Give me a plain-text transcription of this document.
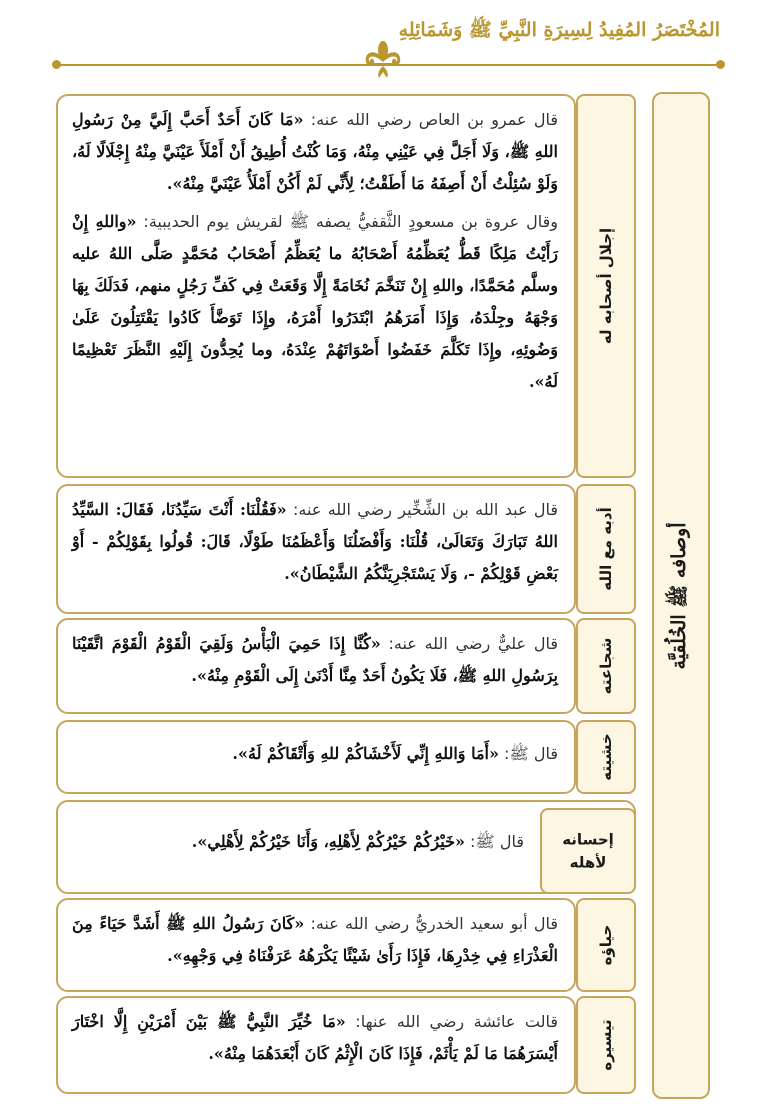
المُخْتَصَرُ المُفِيدُ لِسِيرَةِ النَّبِيِّ ﷺ وَشَمَائِلِهِ
أوصافه ﷺ الخُلُقيَّة
إجلال أصحابه له

قال عمرو بن العاص رضي الله عنه: «مَا كَانَ أَحَدٌ أَحَبَّ إِلَيَّ مِنْ رَسُولِ اللهِ ﷺ، وَلَا أَجَلَّ فِي عَيْنِي مِنْهُ، وَمَا كُنْتُ أُطِيقُ أَنْ أَمْلَأَ عَيْنَيَّ مِنْهُ إِجْلَالًا لَهُ، وَلَوْ سُئِلْتُ أَنْ أَصِفَهُ مَا أَطَقْتُ؛ لِأَنِّي لَمْ أَكُنْ أَمْلَأُ عَيْنَيَّ مِنْهُ».

وقال عروة بن مسعودٍ الثَّقفيُّ يصفه ﷺ لقريش يوم الحديبية: «واللهِ إِنْ رَأَيْتُ مَلِكًا قَطُّ يُعَظِّمُهُ أَصْحَابُهُ ما يُعَظِّمُ أَصْحَابُ مُحَمَّدٍ صَلَّى اللهُ عليه وسلَّم مُحَمَّدًا، واللهِ إِنْ تَنَخَّمَ نُخَامَةً إِلَّا وَقَعَتْ فِي كَفِّ رَجُلٍ منهم، فَدَلَكَ بِهَا وَجْهَهُ وجِلْدَهُ، وَإِذَا أَمَرَهُمُ ابْتَدَرُوا أَمْرَهُ، وإِذَا تَوَضَّأَ كَادُوا يَقْتَتِلُونَ عَلَىٰ وَضُوئِهِ، وإِذَا تَكَلَّمَ خَفَضُوا أَصْوَاتَهُمْ عِنْدَهُ، وما يُحِدُّونَ إِلَيْهِ النَّظَرَ تَعْظِيمًا لَهُ».

أدبه مع الله

قال عبد الله بن الشِّخِّير رضي الله عنه: «فَقُلْنَا: أَنْتَ سَيِّدُنَا، فَقَالَ: السَّيِّدُ اللهُ تَبَارَكَ وَتَعَالَىٰ، قُلْنَا: وَأَفْضَلُنَا وَأَعْظَمُنَا طَوْلًا، قَالَ: قُولُوا بِقَوْلِكُمْ - أَوْ بَعْضِ قَوْلِكُمْ -، وَلَا يَسْتَجْرِيَنَّكُمُ الشَّيْطَانُ».

شجاعته

قال عليٌّ رضي الله عنه: «كُنَّا إِذَا حَمِيَ الْبَأْسُ وَلَقِيَ الْقَوْمُ الْقَوْمَ اتَّقَيْنَا بِرَسُولِ اللهِ ﷺ، فَلَا يَكُونُ أَحَدٌ مِنَّا أَدْنَىٰ إِلَى الْقَوْمِ مِنْهُ».

خشيته

قال ﷺ: «أَمَا وَاللهِ إِنِّي لَأَخْشَاكُمْ للهِ وَأَتْقَاكُمْ لَهُ».

إحسانه لأهله

قال ﷺ: «خَيْرُكُمْ خَيْرُكُمْ لِأَهْلِهِ، وَأَنَا خَيْرُكُمْ لِأَهْلِي».

حياؤه

قال أبو سعيد الخدريُّ رضي الله عنه: «كَانَ رَسُولُ اللهِ ﷺ أَشَدَّ حَيَاءً مِنَ الْعَذْرَاءِ فِي خِدْرِهَا، فَإِذَا رَأَىٰ شَيْئًا يَكْرَهُهُ عَرَفْنَاهُ فِي وَجْهِهِ».

تيسيره

قالت عائشة رضي الله عنها: «مَا خُيِّرَ النَّبِيُّ ﷺ بَيْنَ أَمْرَيْنِ إِلَّا اخْتَارَ أَيْسَرَهُمَا مَا لَمْ يَأْثَمْ، فَإِذَا كَانَ الْإِثْمُ كَانَ أَبْعَدَهُمَا مِنْهُ».
